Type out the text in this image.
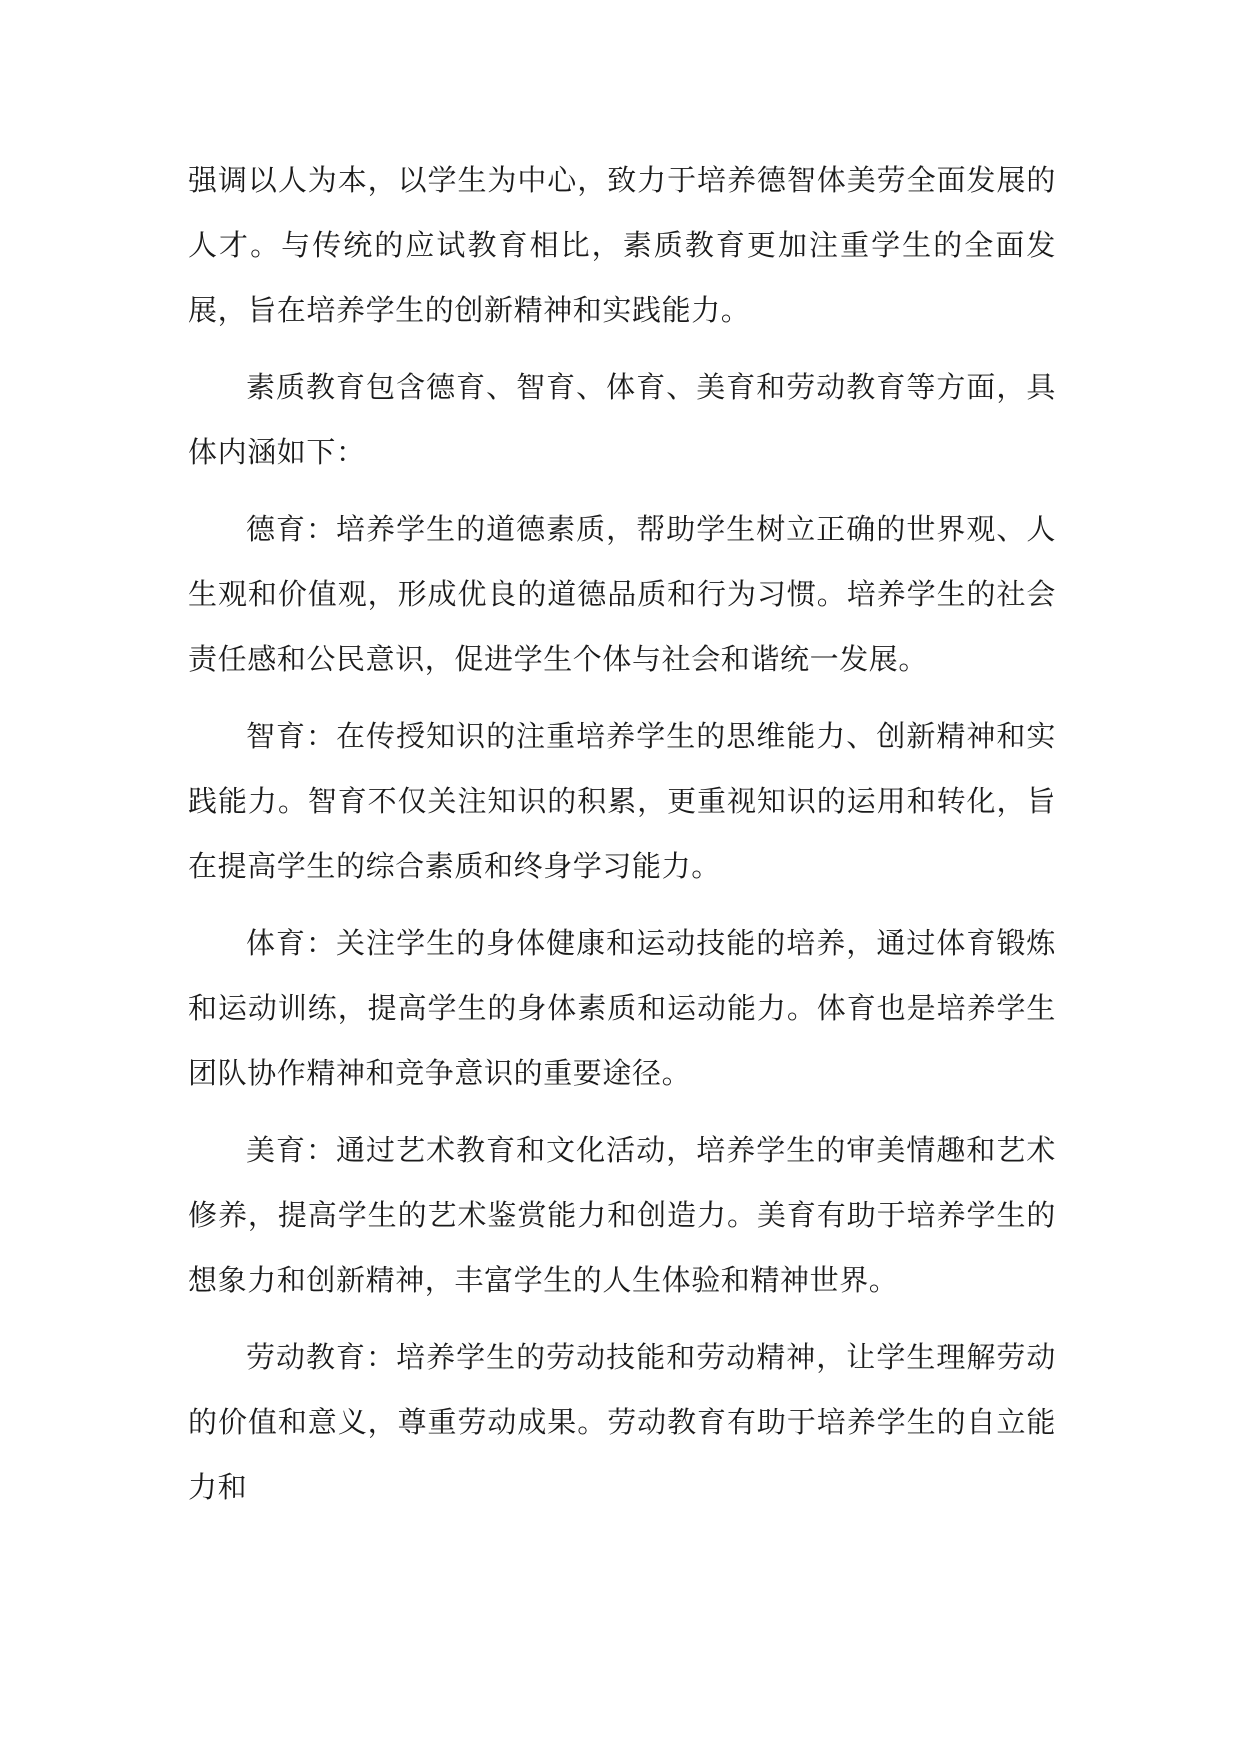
强调以人为本，以学生为中心，致力于培养德智体美劳全面发展的人才。与传统的应试教育相比，素质教育更加注重学生的全面发展，旨在培养学生的创新精神和实践能力。

素质教育包含德育、智育、体育、美育和劳动教育等方面，具体内涵如下：

德育：培养学生的道德素质，帮助学生树立正确的世界观、人生观和价值观，形成优良的道德品质和行为习惯。培养学生的社会责任感和公民意识，促进学生个体与社会和谐统一发展。

智育：在传授知识的注重培养学生的思维能力、创新精神和实践能力。智育不仅关注知识的积累，更重视知识的运用和转化，旨在提高学生的综合素质和终身学习能力。

体育：关注学生的身体健康和运动技能的培养，通过体育锻炼和运动训练，提高学生的身体素质和运动能力。体育也是培养学生团队协作精神和竞争意识的重要途径。

美育：通过艺术教育和文化活动，培养学生的审美情趣和艺术修养，提高学生的艺术鉴赏能力和创造力。美育有助于培养学生的想象力和创新精神，丰富学生的人生体验和精神世界。

劳动教育：培养学生的劳动技能和劳动精神，让学生理解劳动的价值和意义，尊重劳动成果。劳动教育有助于培养学生的自立能力和
